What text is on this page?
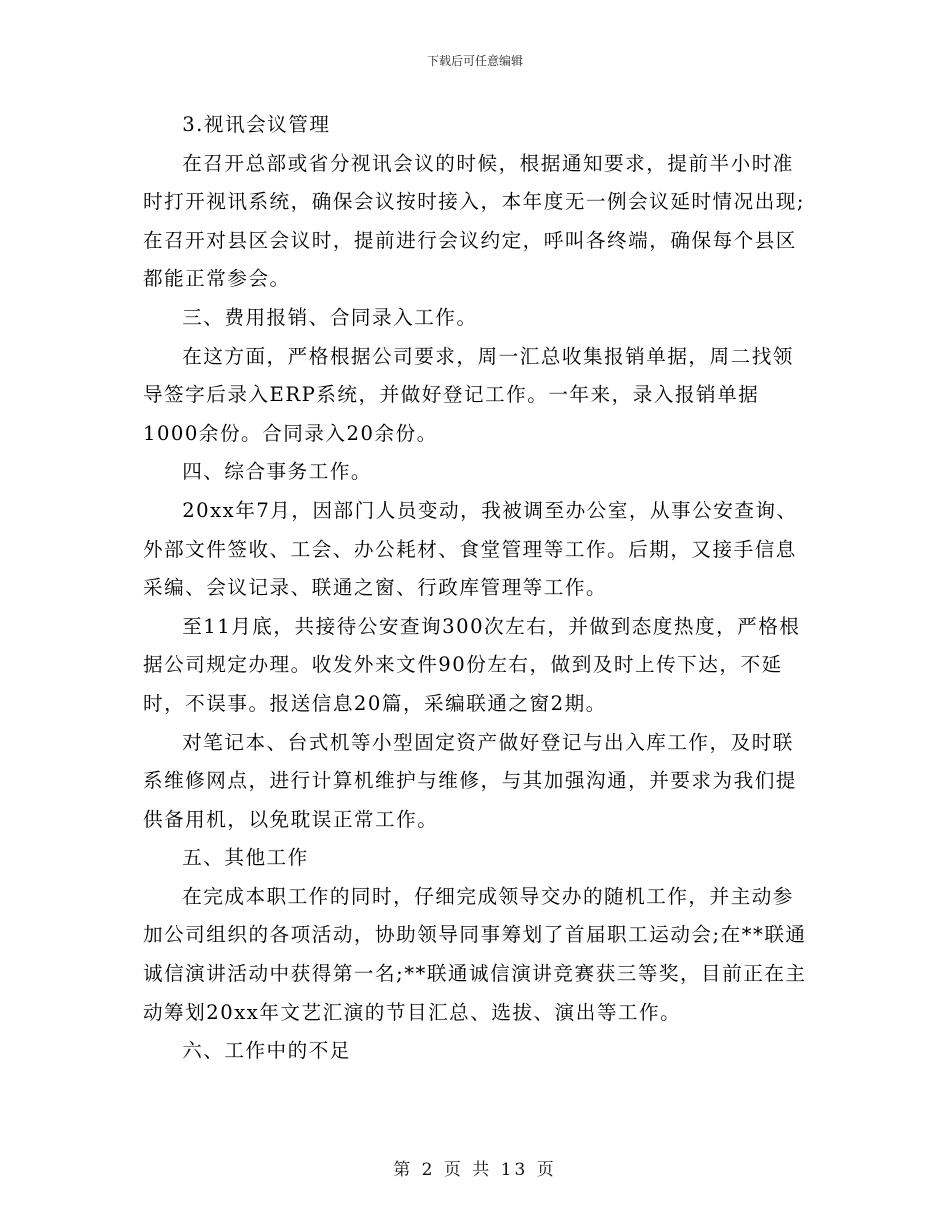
下载后可任意编辑

3.视讯会议管理

在召开总部或省分视讯会议的时候，根据通知要求，提前半小时准时打开视讯系统，确保会议按时接入，本年度无一例会议延时情况出现;在召开对县区会议时，提前进行会议约定，呼叫各终端，确保每个县区都能正常参会。

三、费用报销、合同录入工作。

在这方面，严格根据公司要求，周一汇总收集报销单据，周二找领导签字后录入ERP系统，并做好登记工作。一年来，录入报销单据1000余份。合同录入20余份。

四、综合事务工作。

20xx年7月，因部门人员变动，我被调至办公室，从事公安查询、外部文件签收、工会、办公耗材、食堂管理等工作。后期，又接手信息采编、会议记录、联通之窗、行政库管理等工作。

至11月底，共接待公安查询300次左右，并做到态度热度，严格根据公司规定办理。收发外来文件90份左右，做到及时上传下达，不延时，不误事。报送信息20篇，采编联通之窗2期。

对笔记本、台式机等小型固定资产做好登记与出入库工作，及时联系维修网点，进行计算机维护与维修，与其加强沟通，并要求为我们提供备用机，以免耽误正常工作。

五、其他工作

在完成本职工作的同时，仔细完成领导交办的随机工作，并主动参加公司组织的各项活动，协助领导同事筹划了首届职工运动会;在**联通诚信演讲活动中获得第一名;**联通诚信演讲竞赛获三等奖，目前正在主动筹划20xx年文艺汇演的节目汇总、选拔、演出等工作。

六、工作中的不足

第 2 页 共 13 页
